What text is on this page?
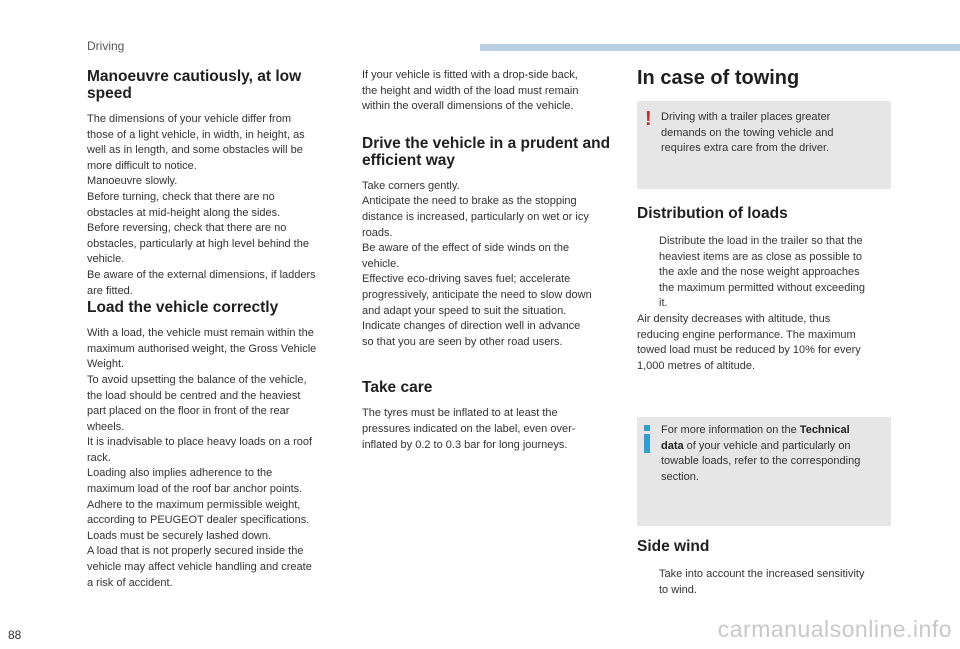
Driving
Manoeuvre cautiously, at low speed

The dimensions of your vehicle differ from
those of a light vehicle, in width, in height, as
well as in length, and some obstacles will be
more difficult to notice.
Manoeuvre slowly.
Before turning, check that there are no
obstacles at mid-height along the sides.
Before reversing, check that there are no
obstacles, particularly at high level behind the
vehicle.
Be aware of the external dimensions, if ladders
are fitted.

Load the vehicle correctly

With a load, the vehicle must remain within the
maximum authorised weight, the Gross Vehicle
Weight.
To avoid upsetting the balance of the vehicle,
the load should be centred and the heaviest
part placed on the floor in front of the rear
wheels.
It is inadvisable to place heavy loads on a roof
rack.
Loading also implies adherence to the
maximum load of the roof bar anchor points.
Adhere to the maximum permissible weight,
according to PEUGEOT dealer specifications.
Loads must be securely lashed down.
A load that is not properly secured inside the
vehicle may affect vehicle handling and create
a risk of accident.

If your vehicle is fitted with a drop-side back,
the height and width of the load must remain
within the overall dimensions of the vehicle.

Drive the vehicle in a prudent and efficient way

Take corners gently.
Anticipate the need to brake as the stopping
distance is increased, particularly on wet or icy
roads.
Be aware of the effect of side winds on the
vehicle.
Effective eco-driving saves fuel; accelerate
progressively, anticipate the need to slow down
and adapt your speed to suit the situation.
Indicate changes of direction well in advance
so that you are seen by other road users.

Take care

The tyres must be inflated to at least the
pressures indicated on the label, even over-
inflated by 0.2 to 0.3 bar for long journeys.

In case of towing
! Driving with a trailer places greater
demands on the towing vehicle and
requires extra care from the driver.
Distribution of loads

Distribute the load in the trailer so that the
heaviest items are as close as possible to
the axle and the nose weight approaches
the maximum permitted without exceeding
it.

Air density decreases with altitude, thus
reducing engine performance. The maximum
towed load must be reduced by 10% for every
1,000 metres of altitude.

For more information on the Technical
data of your vehicle and particularly on
towable loads, refer to the corresponding
section.
Side wind

Take into account the increased sensitivity
to wind.

88	carmanualsonline.info
